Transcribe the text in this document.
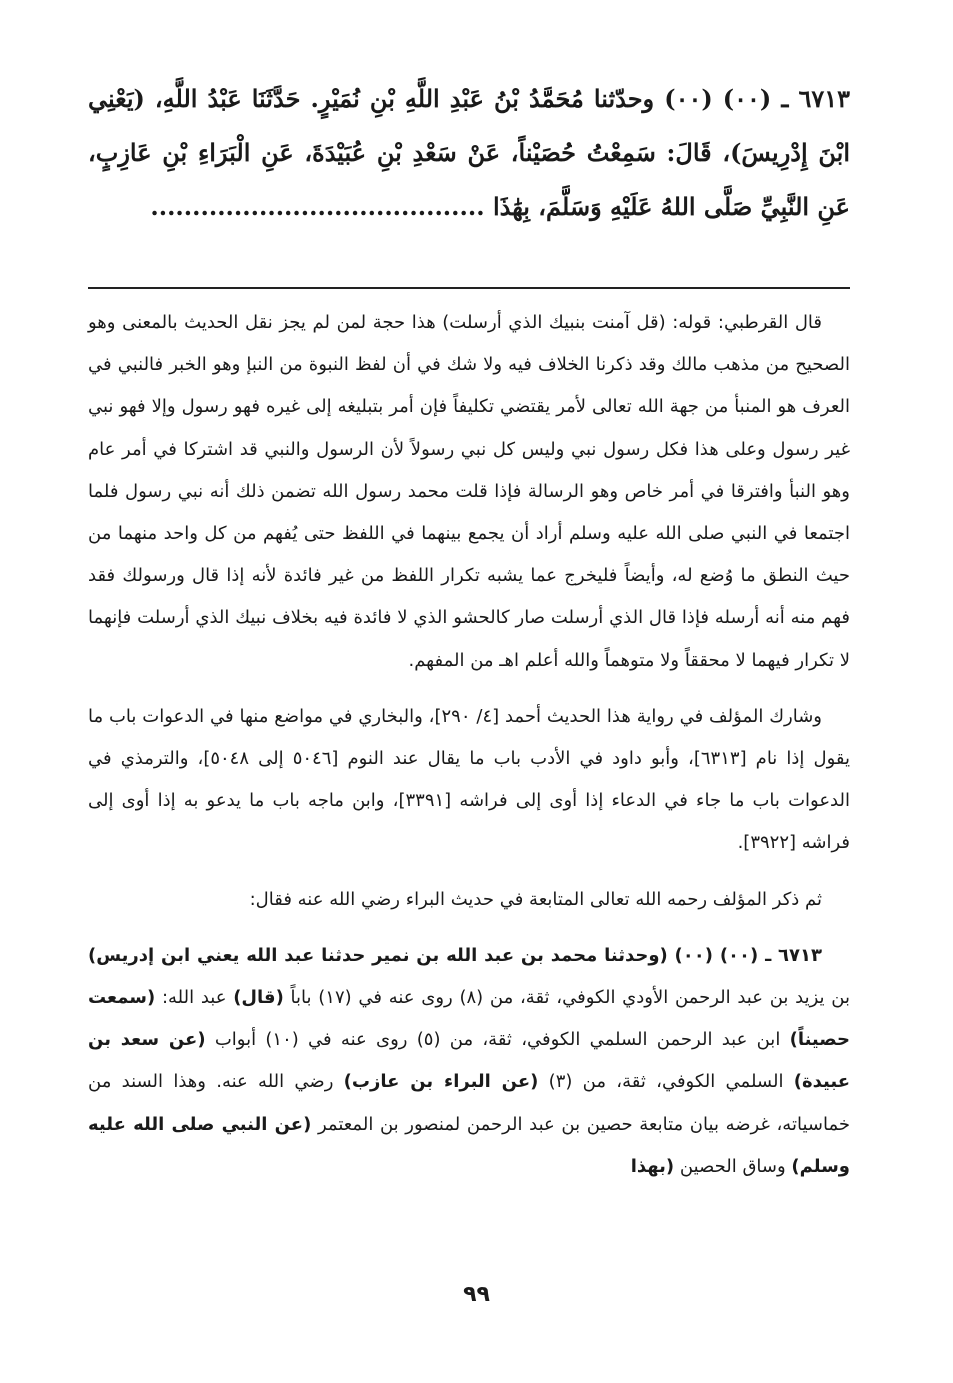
٦٧١٣ ـ (٠٠) (٠٠) وحدّثنا مُحَمَّدُ بْنُ عَبْدِ اللَّهِ بْنِ نُمَيْرٍ. حَدَّثَنَا عَبْدُ اللَّهِ، (يَعْنِي ابْنَ إِدْرِيسَ)، قَالَ: سَمِعْتُ حُصَيْناً، عَنْ سَعْدِ بْنِ عُبَيْدَةَ، عَنِ الْبَرَاءِ بْنِ عَازِبٍ، عَنِ النَّبِيِّ صَلَّى اللهُ عَلَيْهِ وَسَلَّمَ، بِهَٰذَا ........................................

قال القرطبي: قوله: (قل آمنت بنبيك الذي أرسلت) هذا حجة لمن لم يجز نقل الحديث بالمعنى وهو الصحيح من مذهب مالك وقد ذكرنا الخلاف فيه ولا شك في أن لفظ النبوة من النبإ وهو الخبر فالنبي في العرف هو المنبأ من جهة الله تعالى لأمر يقتضي تكليفاً فإن أمر بتبليغه إلى غيره فهو رسول وإلا فهو نبي غير رسول وعلى هذا فكل رسول نبي وليس كل نبي رسولاً لأن الرسول والنبي قد اشتركا في أمر عام وهو النبأ وافترقا في أمر خاص وهو الرسالة فإذا قلت محمد رسول الله تضمن ذلك أنه نبي رسول فلما اجتمعا في النبي صلى الله عليه وسلم أراد أن يجمع بينهما في اللفظ حتى يُفهم من كل واحد منهما من حيث النطق ما وُضع له، وأيضاً فليخرج عما يشبه تكرار اللفظ من غير فائدة لأنه إذا قال ورسولك فقد فهم منه أنه أرسله فإذا قال الذي أرسلت صار كالحشو الذي لا فائدة فيه بخلاف نبيك الذي أرسلت فإنهما لا تكرار فيهما لا محققاً ولا متوهماً والله أعلم اهـ من المفهم.

وشارك المؤلف في رواية هذا الحديث أحمد [٤/ ٢٩٠]، والبخاري في مواضع منها في الدعوات باب ما يقول إذا نام [٦٣١٣]، وأبو داود في الأدب باب ما يقال عند النوم [٥٠٤٦ إلى ٥٠٤٨]، والترمذي في الدعوات باب ما جاء في الدعاء إذا أوى إلى فراشه [٣٣٩١]، وابن ماجه باب ما يدعو به إذا أوى إلى فراشه [٣٩٢٢].

ثم ذكر المؤلف رحمه الله تعالى المتابعة في حديث البراء رضي الله عنه فقال:

٦٧١٣ ـ (٠٠) (٠٠) (وحدثنا محمد بن عبد الله بن نمير حدثنا عبد الله يعني ابن إدريس) بن يزيد بن عبد الرحمن الأودي الكوفي، ثقة، من (٨) روى عنه في (١٧) باباً (قال) عبد الله: (سمعت حصيناً) ابن عبد الرحمن السلمي الكوفي، ثقة، من (٥) روى عنه في (١٠) أبواب (عن سعد بن عبيدة) السلمي الكوفي، ثقة، من (٣) (عن البراء بن عازب) رضي الله عنه. وهذا السند من خماسياته، غرضه بيان متابعة حصين بن عبد الرحمن لمنصور بن المعتمر (عن النبي صلى الله عليه وسلم) وساق الحصين (بهذا

٩٩
